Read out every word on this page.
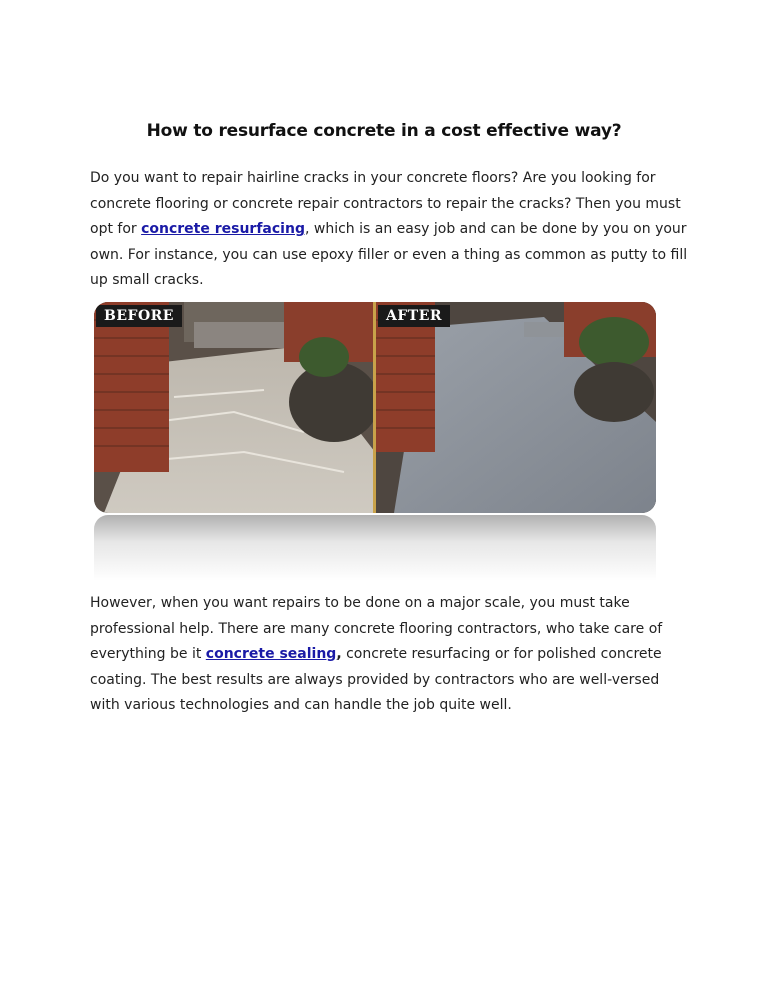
How to resurface concrete in a cost effective way?

Do you want to repair hairline cracks in your concrete floors? Are you looking for concrete flooring or concrete repair contractors to repair the cracks? Then you must opt for concrete resurfacing, which is an easy job and can be done by you on your own. For instance, you can use epoxy filler or even a thing as common as putty to fill up small cracks.

BEFORE	AFTER

However, when you want repairs to be done on a major scale, you must take professional help. There are many concrete flooring contractors, who take care of everything be it concrete sealing, concrete resurfacing or for polished concrete coating. The best results are always provided by contractors who are well-versed with various technologies and can handle the job quite well.
